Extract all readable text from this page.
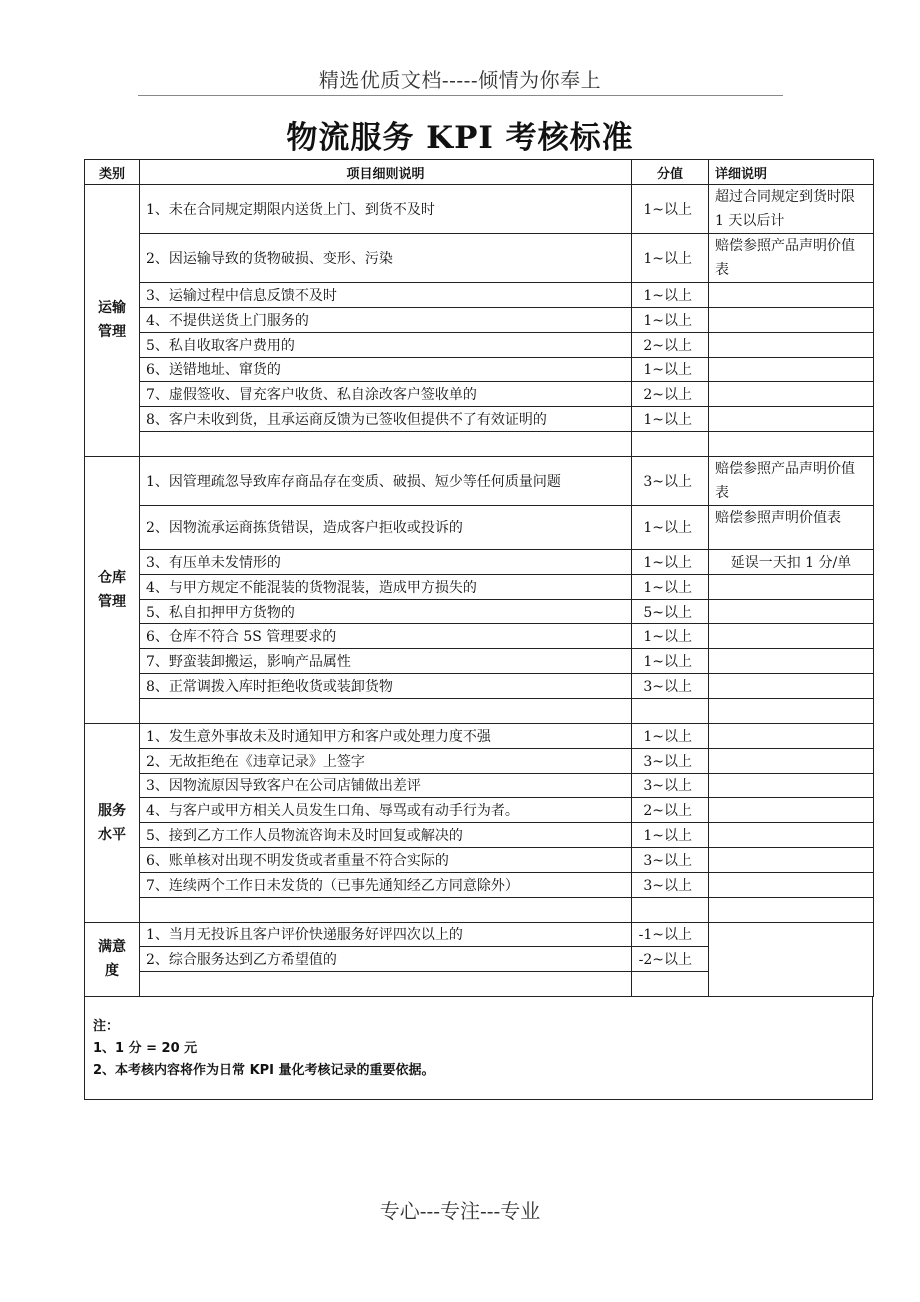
精选优质文档-----倾情为你奉上
物流服务 KPI 考核标准
类别	项目细则说明	分值	详细说明
运输
管理	1、未在合同规定期限内送货上门、到货不及时	1~以上	超过合同规定到货时限 1 天以后计
	2、因运输导致的货物破损、变形、污染	1~以上	赔偿参照产品声明价值表
	3、运输过程中信息反馈不及时	1~以上	
	4、不提供送货上门服务的	1~以上	
	5、私自收取客户费用的	2~以上	
	6、送错地址、窜货的	1~以上	
	7、虚假签收、冒充客户收货、私自涂改客户签收单的	2~以上	
	8、客户未收到货，且承运商反馈为已签收但提供不了有效证明的	1~以上	

仓库
管理	1、因管理疏忽导致库存商品存在变质、破损、短少等任何质量问题	3~以上	赔偿参照产品声明价值表
	2、因物流承运商拣货错误，造成客户拒收或投诉的	1~以上	赔偿参照声明价值表
	3、有压单未发情形的	1~以上	延误一天扣 1 分/单
	4、与甲方规定不能混装的货物混装，造成甲方损失的	1~以上	
	5、私自扣押甲方货物的	5~以上	
	6、仓库不符合 5S 管理要求的	1~以上	
	7、野蛮装卸搬运，影响产品属性	1~以上	
	8、正常调拨入库时拒绝收货或装卸货物	3~以上	

服务
水平	1、发生意外事故未及时通知甲方和客户或处理力度不强	1~以上	
	2、无故拒绝在《违章记录》上签字	3~以上	
	3、因物流原因导致客户在公司店铺做出差评	3~以上	
	4、与客户或甲方相关人员发生口角、辱骂或有动手行为者。	2~以上	
	5、接到乙方工作人员物流咨询未及时回复或解决的	1~以上	
	6、账单核对出现不明发货或者重量不符合实际的	3~以上	
	7、连续两个工作日未发货的（已事先通知经乙方同意除外）	3~以上	

满意
度	1、当月无投诉且客户评价快递服务好评四次以上的	-1~以上	
	2、综合服务达到乙方希望值的	-2~以上	

注：
1、1 分 = 20 元
2、本考核内容将作为日常 KPI 量化考核记录的重要依据。
专心---专注---专业
